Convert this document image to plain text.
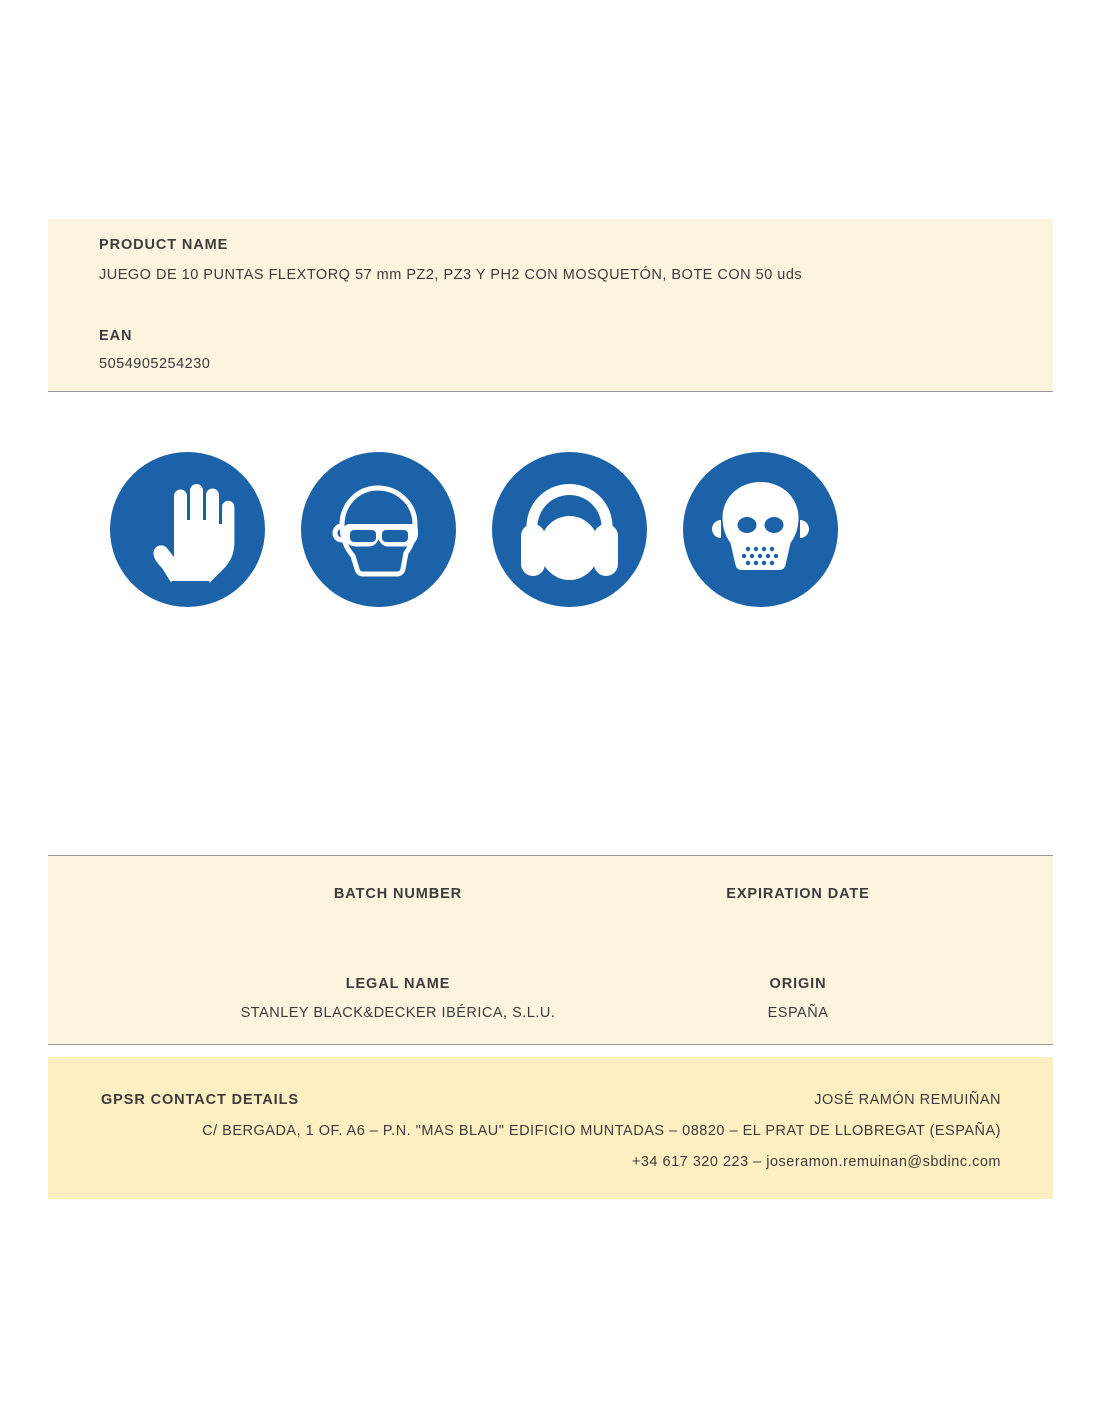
PRODUCT NAME
JUEGO DE 10 PUNTAS FLEXTORQ 57 mm PZ2, PZ3 Y PH2 CON MOSQUETÓN, BOTE CON 50 uds
EAN
5054905254230
BATCH NUMBER	EXPIRATION DATE
LEGAL NAME
STANLEY BLACK&DECKER IBÉRICA, S.L.U.
ORIGIN
ESPAÑA
GPSR CONTACT DETAILS	JOSÉ RAMÓN REMUIÑAN
C/ BERGADA, 1 OF. A6 – P.N. "MAS BLAU" EDIFICIO MUNTADAS – 08820 – EL PRAT DE LLOBREGAT (ESPAÑA)
+34 617 320 223 – joseramon.remuinan@sbdinc.com
